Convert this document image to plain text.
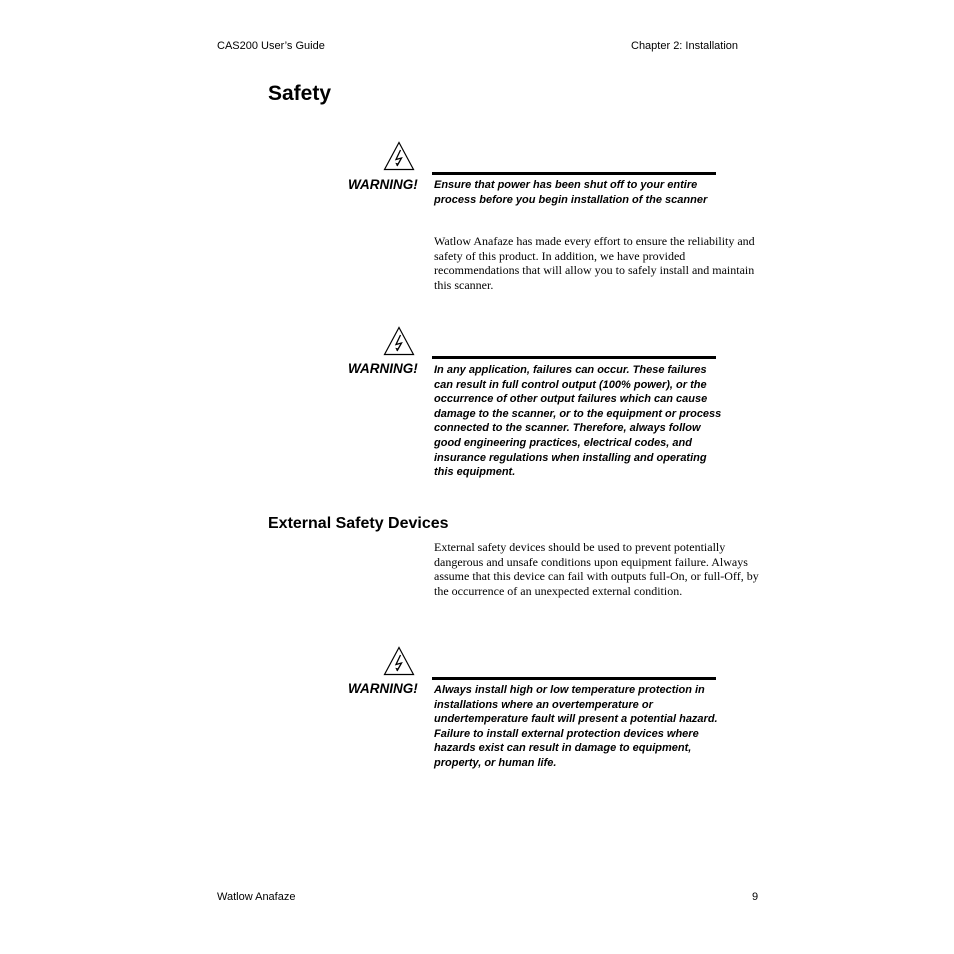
CAS200 User’s Guide	Chapter 2: Installation
Safety
WARNING! Ensure that power has been shut off to your entire process before you begin installation of the scanner
Watlow Anafaze has made every effort to ensure the reliability and safety of this product. In addition, we have provided recommendations that will allow you to safely install and maintain this scanner.
WARNING! In any application, failures can occur. These failures can result in full control output (100% power), or the occurrence of other output failures which can cause damage to the scanner, or to the equipment or process connected to the scanner. Therefore, always follow good engineering practices, electrical codes, and insurance regulations when installing and operating this equipment.
External Safety Devices
External safety devices should be used to prevent potentially dangerous and unsafe conditions upon equipment failure. Always assume that this device can fail with outputs full-On, or full-Off, by the occurrence of an unexpected external condition.
WARNING! Always install high or low temperature protection in installations where an overtemperature or undertemperature fault will present a potential hazard. Failure to install external protection devices where hazards exist can result in damage to equipment, property, or human life.
Watlow Anafaze	9
